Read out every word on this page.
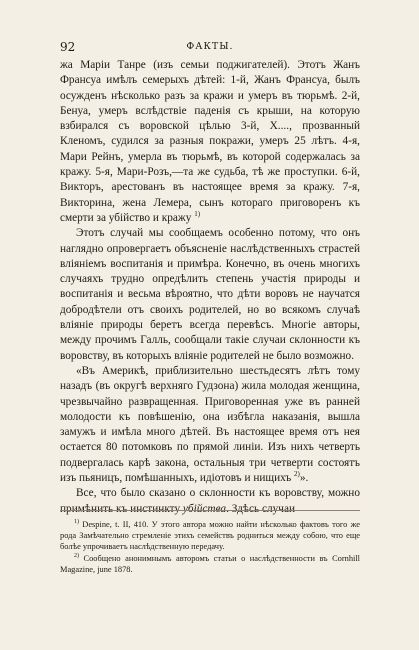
92	ФАКТЫ.

жа Маріи Танре (изъ семьи поджигателей). Этотъ Жанъ Франсуа имѣлъ семерыхъ дѣтей: 1-й, Жанъ Франсуа, былъ осужденъ нѣсколько разъ за кражи и умеръ въ тюрьмѣ. 2-й, Бенуа, умеръ вслѣдствіе паденія съ крыши, на которую взбирался съ воровской цѣлью 3-й, Х...., прозванный Кленомъ, судился за разныя покражи, умеръ 25 лѣтъ. 4-я, Мари Рейнъ, умерла въ тюрьмѣ, въ которой содержалась за кражу. 5-я, Мари-Розъ,—та же судьба, тѣ же проступки. 6-й, Викторъ, арестованъ въ настоящее время за кражу. 7-я, Викторина, жена Лемера, сынъ котораго приговоренъ къ смерти за убійство и кражу $^{1)}$

Этотъ случай мы сообщаемъ особенно потому, что онъ наглядно опровергаетъ объясненіе наслѣдственныхъ страстей вліяніемъ воспитанія и примѣра. Конечно, въ очень многихъ случаяхъ трудно опредѣлить степень участія природы и воспитанія и весьма вѣроятно, что дѣти воровъ не научатся добродѣтели отъ своихъ родителей, но во всякомъ случаѣ вліяніе природы беретъ всегда перевѣсъ. Многіе авторы, между прочимъ Галль, сообщали такіе случаи склонности къ воровству, въ которыхъ вліяніе родителей не было возможно.

«Въ Америкѣ, приблизительно шестьдесятъ лѣтъ тому назадъ (въ округѣ верхняго Гудзона) жила молодая женщина, чрезвычайно развращенная. Приговоренная уже въ ранней молодости къ повѣшенію, она избѣгла наказанія, вышла замужъ и имѣла много дѣтей. Въ настоящее время отъ нея остается 80 потомковъ по прямой линіи. Изъ нихъ четверть подвергалась карѣ закона, остальныя три четверти состоятъ изъ пьяницъ, помѣшанныхъ, идіотовъ и нищихъ $^{2)}$».

Все, что было сказано о склонности къ воровству, можно примѣнить къ инстинкту убійства. Здѣсь случаи

$^{1)}$ Despine, t. II, 410. У этого автора можно найти нѣсколько фактовъ того же рода Замѣчательно стремленіе этихъ семействъ родниться между собою, что еще болѣе упрочиваетъ наслѣдственную передачу.

$^{2)}$ Сообщено анонимнымъ авторомъ статьи о наслѣдственности въ Cornhill Magazine, june 1878.
